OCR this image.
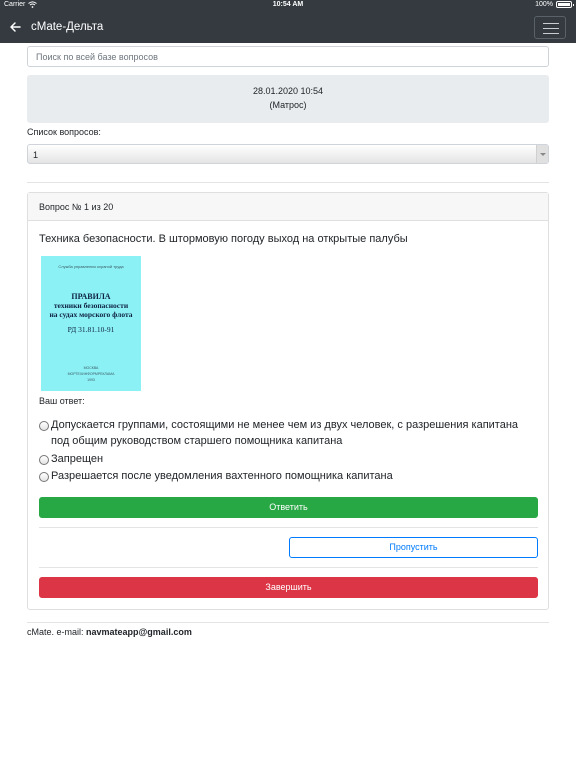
Carrier	10:54 AM	100%
cMate-Дельта
Поиск по всей базе вопросов
28.01.2020 10:54
(Матрос)
Список вопросов:
1
Вопрос № 1 из 20
Техника безопасности. В штормовую погоду выход на открытые палубы
Служба управления охраной труда
ПРАВИЛА
техники безопасности
на судах морского флота
РД 31.81.10-91
МОСКВА
МОРТЕХИНФОРМРЕКЛАМА
1993
Ваш ответ:
Допускается группами, состоящими не менее чем из двух человек, с разрешения капитана под общим руководством старшего помощника капитана
Запрещен
Разрешается после уведомления вахтенного помощника капитана
Ответить
Пропустить
Завершить
cMate. e-mail: navmateapp@gmail.com
